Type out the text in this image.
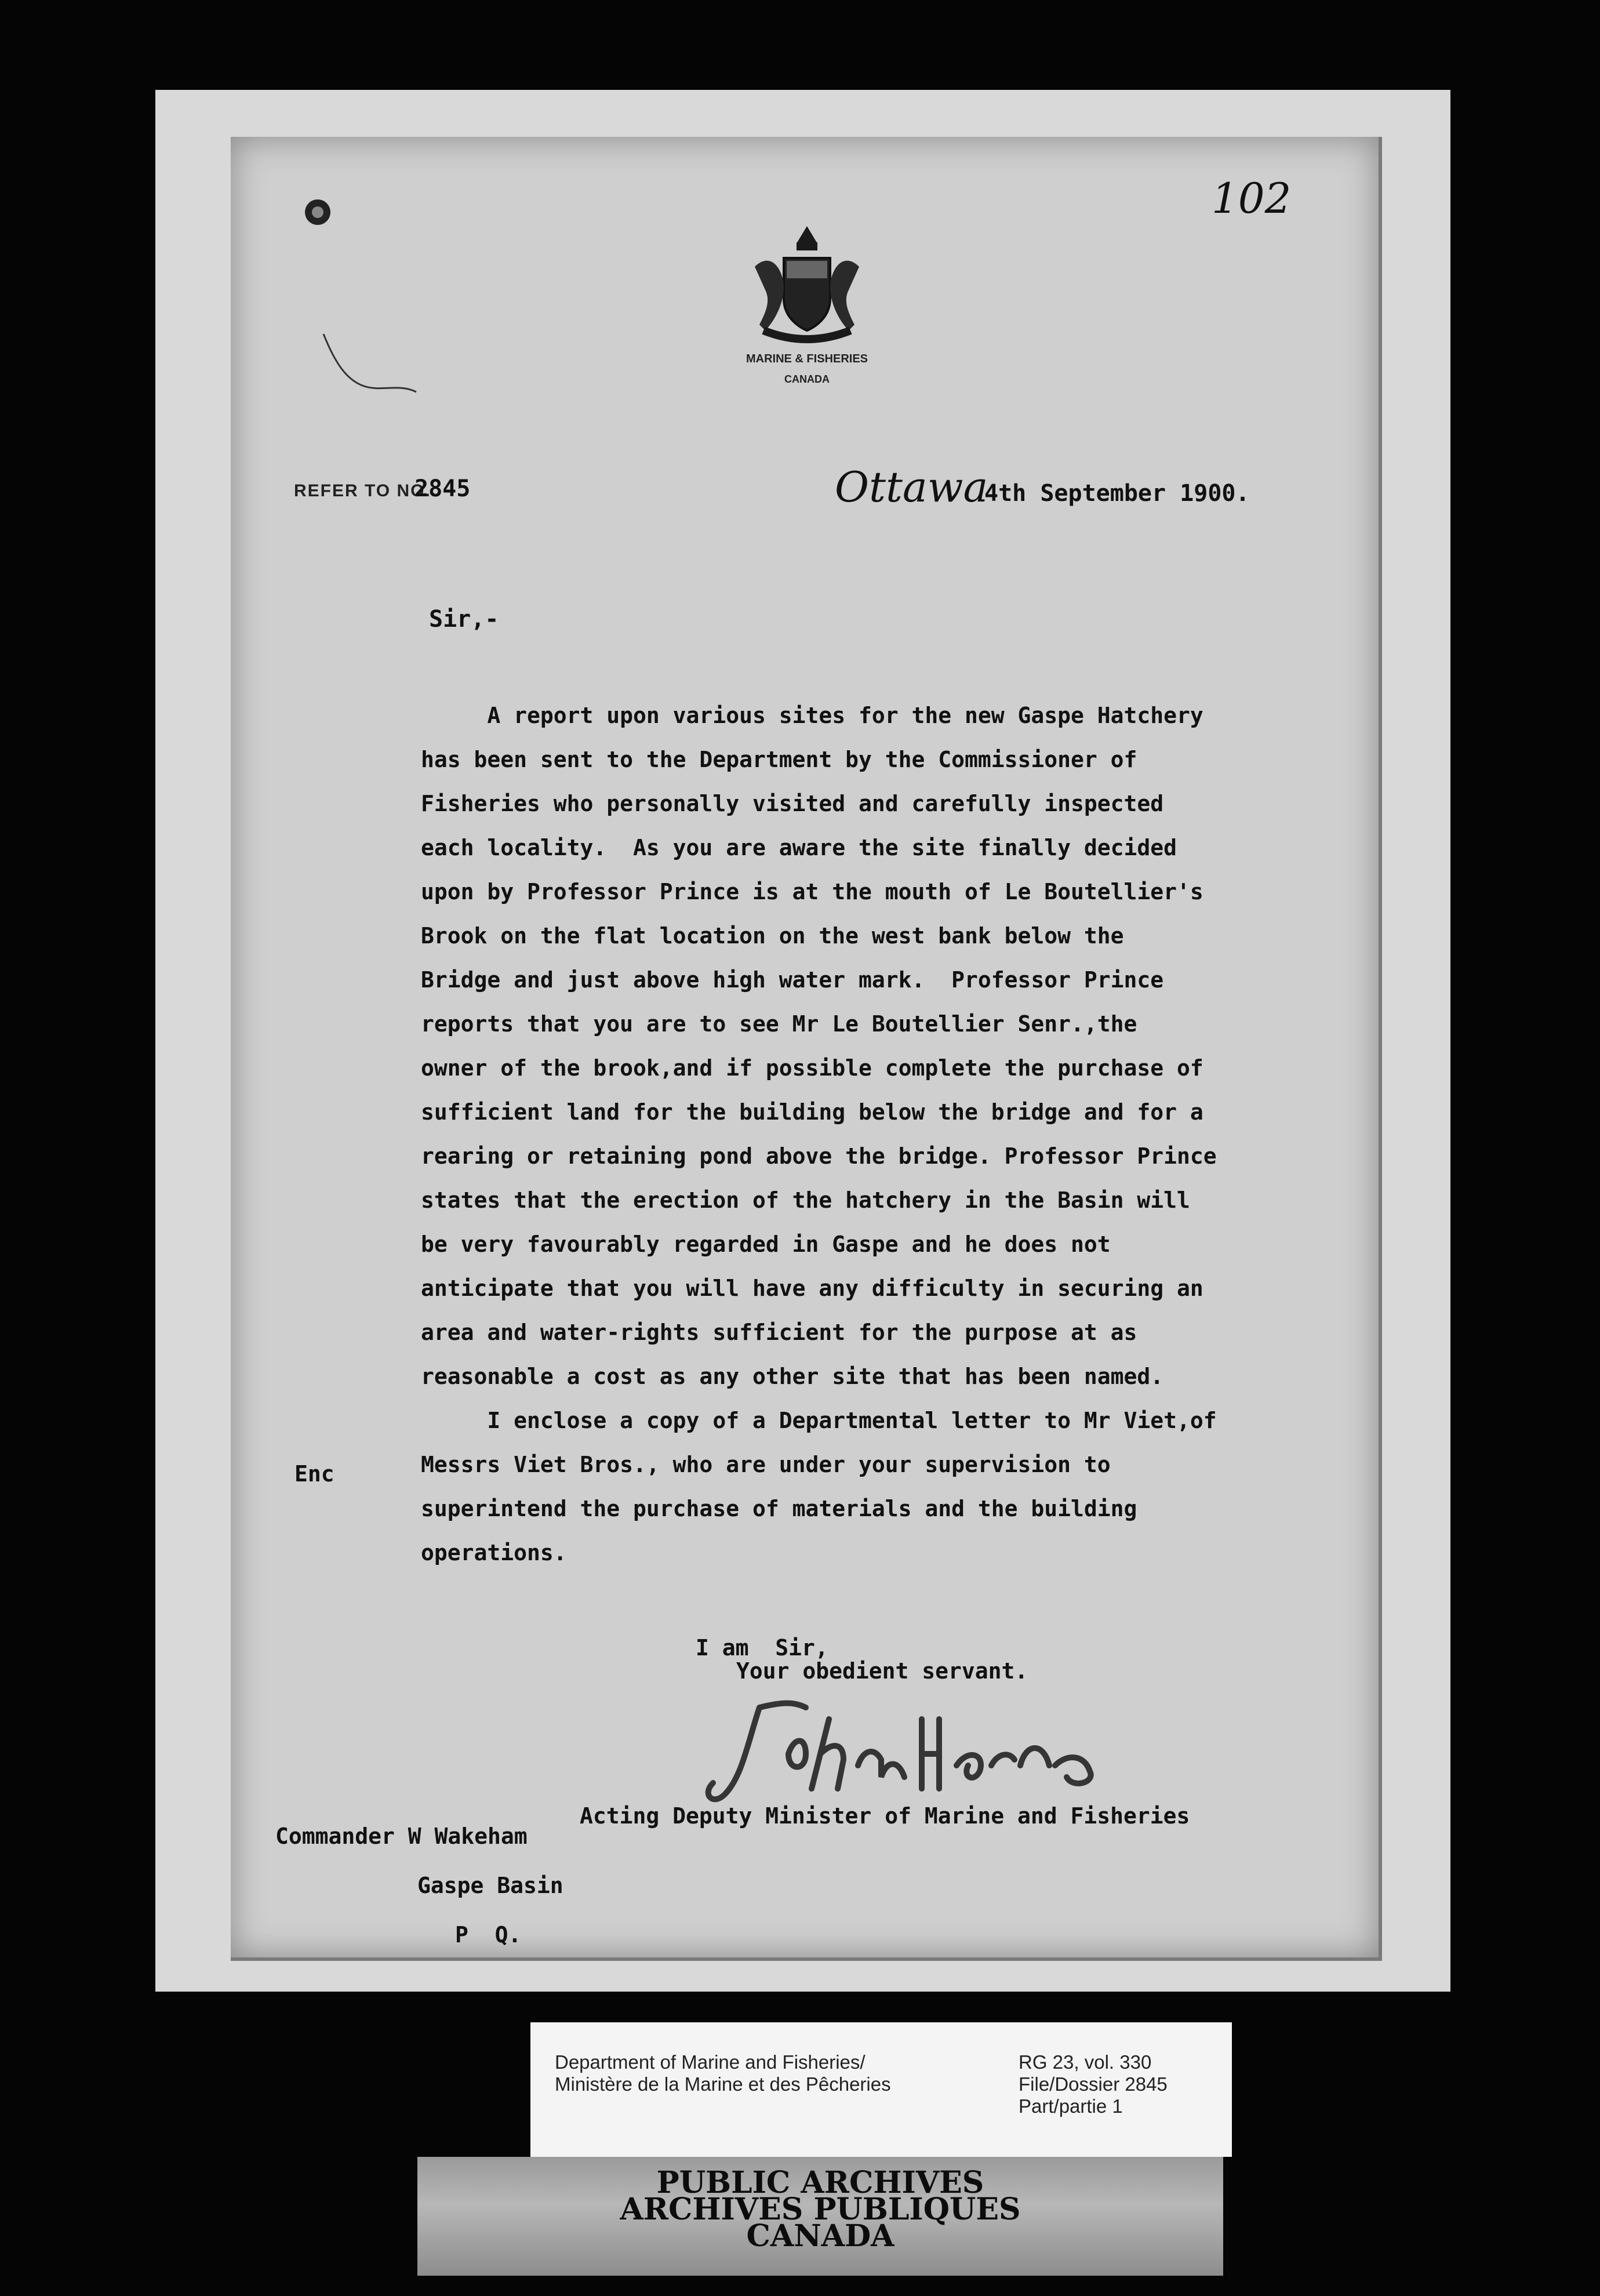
102
MARINE & FISHERIES
CANADA
REFER TO NO.
2845	Ottawa
4th September 1900.
Sir,-
A report upon various sites for the new Gaspe Hatchery
has been sent to the Department by the Commissioner of
Fisheries who personally visited and carefully inspected
each locality.  As you are aware the site finally decided
upon by Professor Prince is at the mouth of Le Boutellier's
Brook on the flat location on the west bank below the
Bridge and just above high water mark.  Professor Prince
reports that you are to see Mr Le Boutellier Senr.,the
owner of the brook,and if possible complete the purchase of
sufficient land for the building below the bridge and for a
rearing or retaining pond above the bridge. Professor Prince
states that the erection of the hatchery in the Basin will
be very favourably regarded in Gaspe and he does not
anticipate that you will have any difficulty in securing an
area and water-rights sufficient for the purpose at as
reasonable a cost as any other site that has been named.
I enclose a copy of a Departmental letter to Mr Viet,of
Messrs Viet Bros., who are under your supervision to
superintend the purchase of materials and the building
operations.
Enc
I am  Sir,
Your obedient servant.
Acting Deputy Minister of Marine and Fisheries
Commander W Wakeham
Gaspe Basin
P  Q.
Department of Marine and Fisheries/
Ministère de la Marine et des Pêcheries
RG 23, vol. 330
File/Dossier 2845
Part/partie 1
PUBLIC ARCHIVES
ARCHIVES PUBLIQUES
CANADA
